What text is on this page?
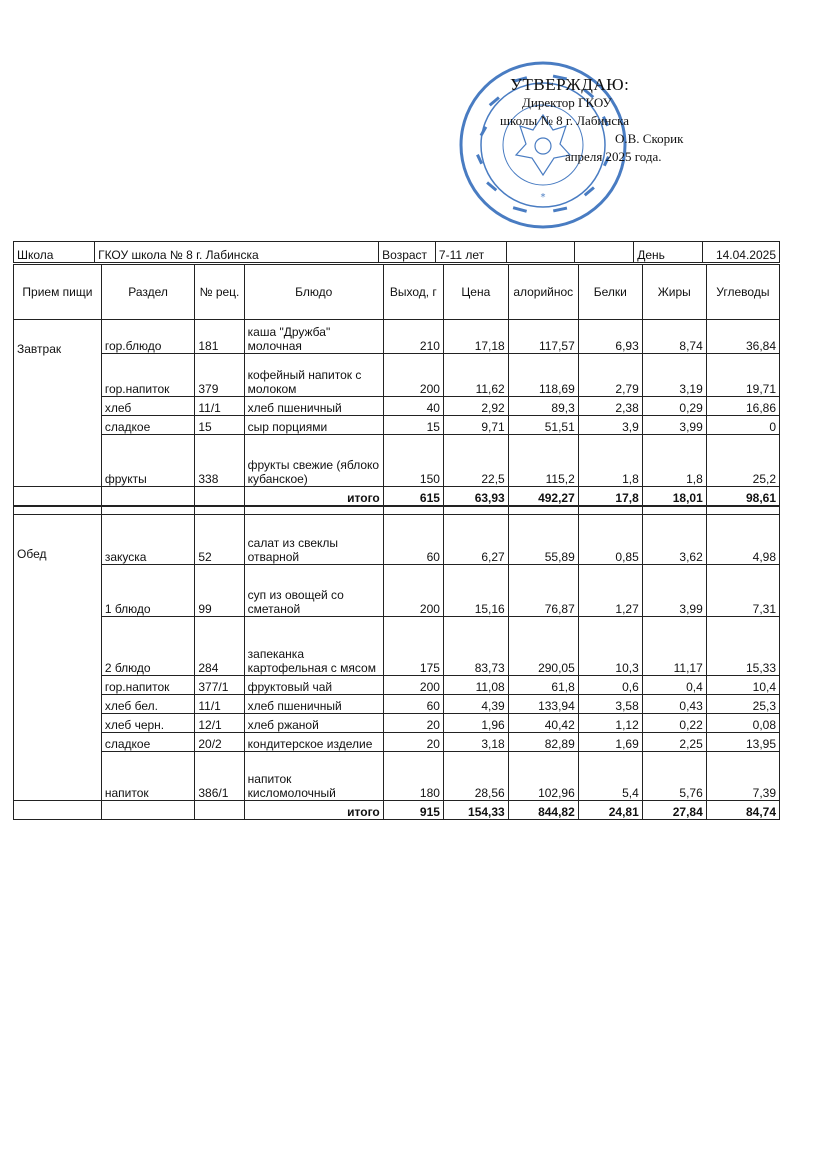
*
УТВЕРЖДАЮ:
Директор ГКОУ
школы № 8 г. Лабинска
О.В. Скорик
апреля 2025 года.
Школа	ГКОУ школа № 8 г. Лабинска	Возраст	7-11 лет			День	14.04.2025
Прием пищи	Раздел	№ рец.	Блюдо	Выход, г	Цена	алорийнос	Белки	Жиры	Углеводы
Завтрак	гор.блюдо	181	каша "Дружба" молочная	210	17,18	117,57	6,93	8,74	36,84
	гор.напиток	379	кофейный напиток с молоком	200	11,62	118,69	2,79	3,19	19,71
	хлеб	11/1	хлеб пшеничный	40	2,92	89,3	2,38	0,29	16,86
	сладкое	15	сыр порциями	15	9,71	51,51	3,9	3,99	0
	фрукты	338	фрукты свежие (яблоко кубанское)	150	22,5	115,2	1,8	1,8	25,2
			итого	615	63,93	492,27	17,8	18,01	98,61

Обед	закуска	52	салат из свеклы отварной	60	6,27	55,89	0,85	3,62	4,98
	1 блюдо	99	суп из овощей со сметаной	200	15,16	76,87	1,27	3,99	7,31
	2 блюдо	284	запеканка картофельная с мясом	175	83,73	290,05	10,3	11,17	15,33
	гор.напиток	377/1	фруктовый чай	200	11,08	61,8	0,6	0,4	10,4
	хлеб бел.	11/1	хлеб пшеничный	60	4,39	133,94	3,58	0,43	25,3
	хлеб черн.	12/1	хлеб ржаной	20	1,96	40,42	1,12	0,22	0,08
	сладкое	20/2	кондитерское изделие	20	3,18	82,89	1,69	2,25	13,95
	напиток	386/1	напиток кисломолочный	180	28,56	102,96	5,4	5,76	7,39
			итого	915	154,33	844,82	24,81	27,84	84,74
